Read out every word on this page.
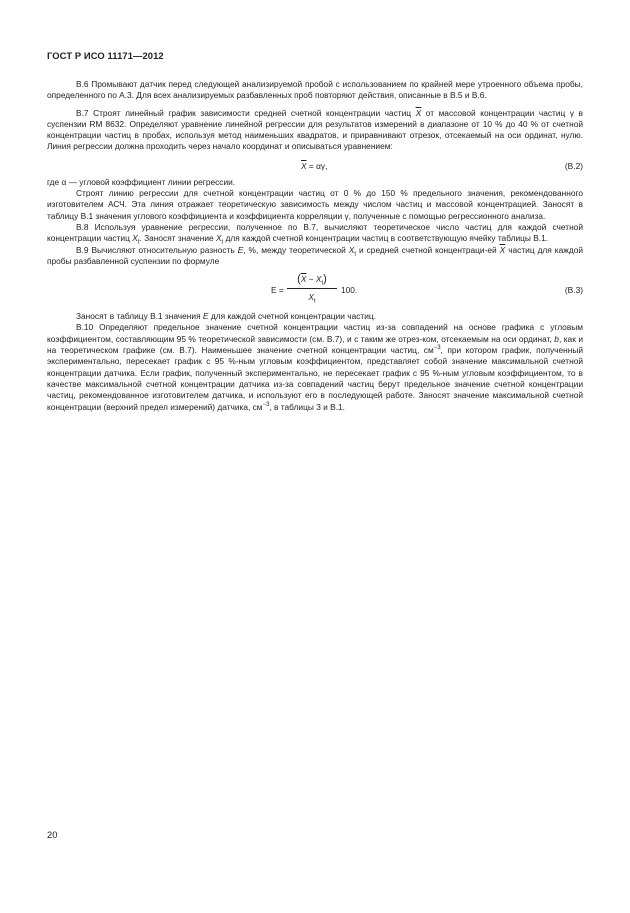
ГОСТ Р ИСО 11171—2012

В.6 Промывают датчик перед следующей анализируемой пробой с использованием по крайней мере утроенного объема пробы, определенного по А.3. Для всех анализируемых разбавленных проб повторяют действия, описанные в В.5 и В.6.

В.7 Строят линейный график зависимости средней счетной концентрации частиц $\overline{X}$ от массовой концентрации частиц γ в суспензии RM 8632. Определяют уравнение линейной регрессии для результатов измерений в диапазоне от 10 % до 40 % от счетной концентрации частиц в пробах, используя метод наименьших квадратов, и приравнивают отрезок, отсекаемый на оси ординат, нулю. Линия регрессии должна проходить через начало координат и описываться уравнением:

$\overline{X} = \alpha\gamma$,	(В.2)

где α — угловой коэффициент линии регрессии.

Строят линию регрессии для счетной концентрации частиц от 0 % до 150 % предельного значения, рекомендованного изготовителем АСЧ. Эта линия отражает теоретическую зависимость между числом частиц и массовой концентрацией. Заносят в таблицу В.1 значения углового коэффициента и коэффициента корреляции γ, полученные с помощью регрессионного анализа.

В.8 Используя уравнение регрессии, полученное по В.7, вычисляют теоретическое число частиц для каждой счетной концентрации частиц $X_t$. Заносят значение $X_t$ для каждой счетной концентрации частиц в соответствующую ячейку таблицы В.1.

В.9 Вычисляют относительную разность E, %, между теоретической $X_t$ и средней счетной концентраци-ей $\overline{X}$ частиц для каждой пробы разбавленной суспензии по формуле

E =
$(\overline{X} - X_t)$
$X_t$
100.	(В.3)

Заносят в таблицу В.1 значения E для каждой счетной концентрации частиц.

В.10 Определяют предельное значение счетной концентрации частиц из-за совпадений на основе графика с угловым коэффициентом, составляющим 95 % теоретической зависимости (см. В.7), и с таким же отрез-ком, отсекаемым на оси ординат, b, как и на теоретическом графике (см. В.7). Наименьшее значение счетной концентрации частиц, $см^{-3}$, при котором график, полученный экспериментально, пересекает график с 95 %-ным угловым коэффициентом, представляет собой значение максимальной счетной концентрации датчика. Если график, полученный экспериментально, не пересекает график с 95 %-ным угловым коэффициентом, то в качестве максимальной счетной концентрации датчика из-за совпадений частиц берут предельное значение счетной концентрации частиц, рекомендованное изготовителем датчика, и используют его в последующей работе. Заносят значение максимальной счетной концентрации (верхний предел измерений) датчика, $см^{-3}$, в таблицы 3 и В.1.

20
